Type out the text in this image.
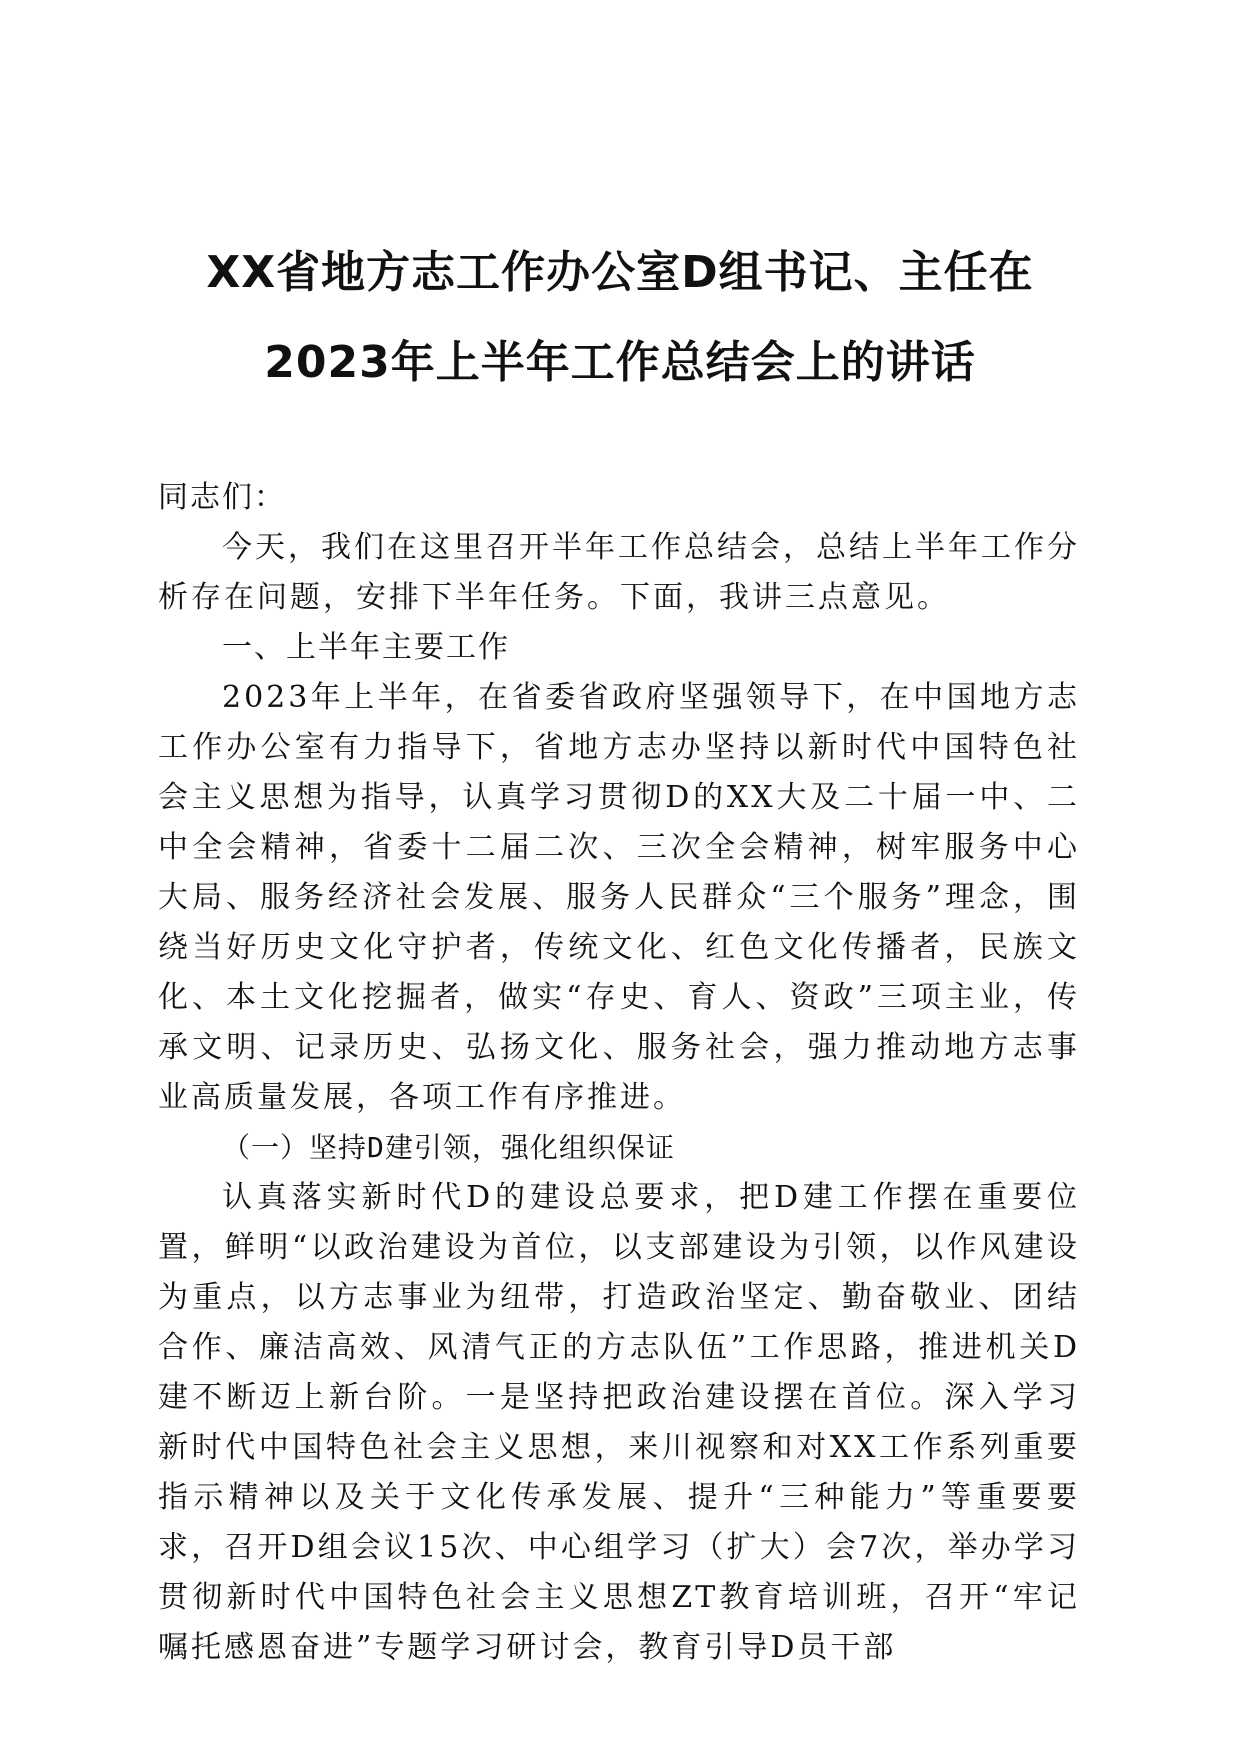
XX省地方志工作办公室D组书记、主任在
2023年上半年工作总结会上的讲话
同志们：

今天，我们在这里召开半年工作总结会，总结上半年工作分析存在问题，安排下半年任务。下面，我讲三点意见。

一、上半年主要工作

2023年上半年，在省委省政府坚强领导下，在中国地方志工作办公室有力指导下，省地方志办坚持以新时代中国特色社会主义思想为指导，认真学习贯彻D的XX大及二十届一中、二中全会精神，省委十二届二次、三次全会精神，树牢服务中心大局、服务经济社会发展、服务人民群众“三个服务”理念，围绕当好历史文化守护者，传统文化、红色文化传播者，民族文化、本土文化挖掘者，做实“存史、育人、资政”三项主业，传承文明、记录历史、弘扬文化、服务社会，强力推动地方志事业高质量发展，各项工作有序推进。

（一）坚持D建引领，强化组织保证

认真落实新时代D的建设总要求，把D建工作摆在重要位置，鲜明“以政治建设为首位，以支部建设为引领，以作风建设为重点，以方志事业为纽带，打造政治坚定、勤奋敬业、团结合作、廉洁高效、风清气正的方志队伍”工作思路，推进机关D建不断迈上新台阶。一是坚持把政治建设摆在首位。深入学习新时代中国特色社会主义思想，来川视察和对XX工作系列重要指示精神以及关于文化传承发展、提升“三种能力”等重要要求，召开D组会议15次、中心组学习（扩大）会7次，举办学习贯彻新时代中国特色社会主义思想ZT教育培训班，召开“牢记嘱托感恩奋进”专题学习研讨会，教育引导D员干部
